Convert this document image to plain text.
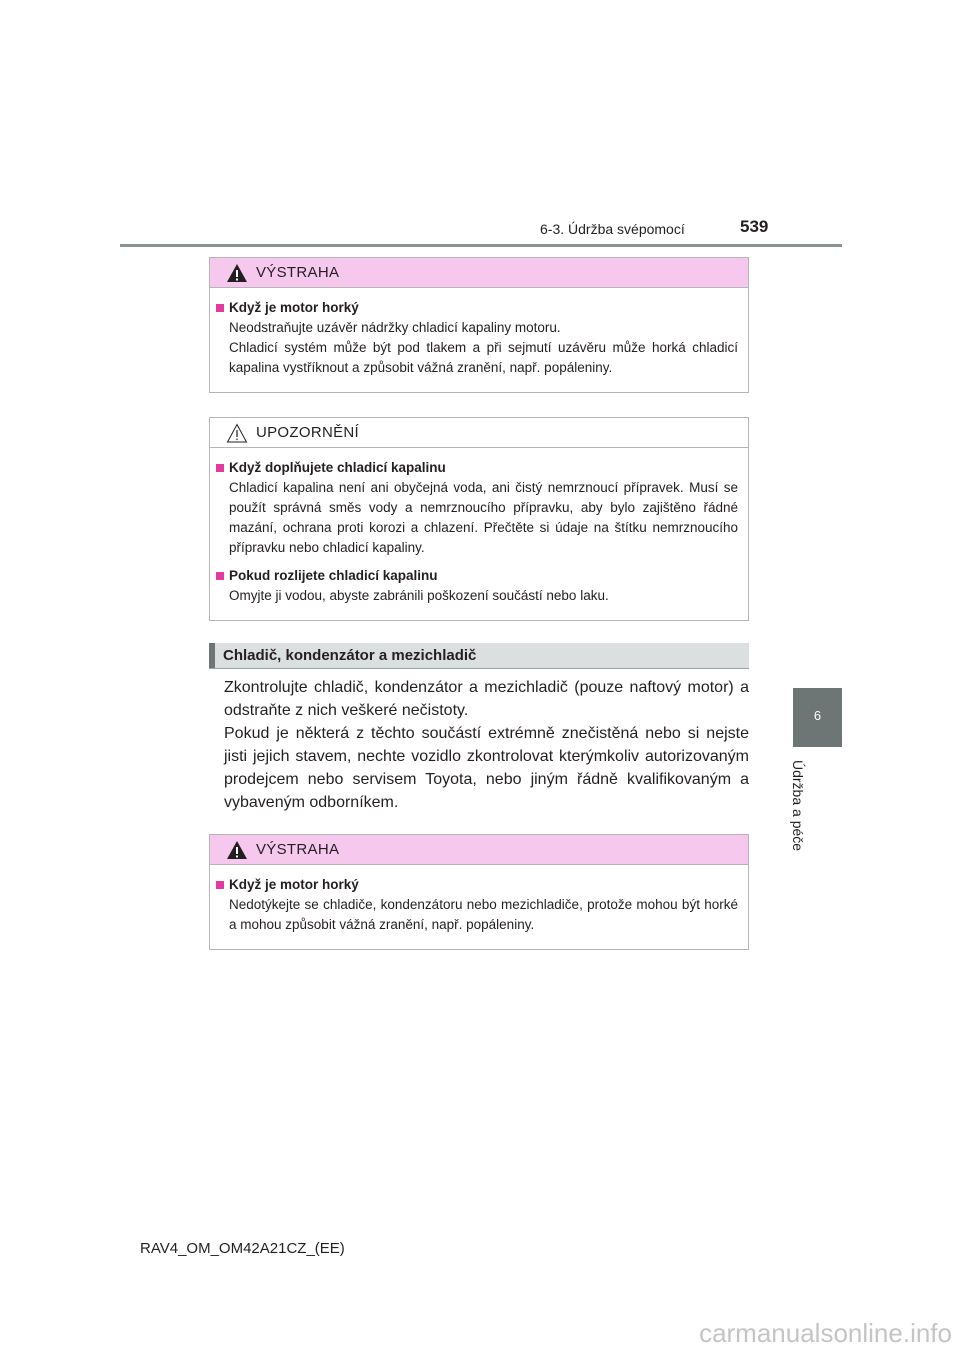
6-3. Údržba svépomocí	539
6
Údržba a péče
VÝSTRAHA
Když je motor horký
Neodstraňujte uzávěr nádržky chladicí kapaliny motoru.
Chladicí systém může být pod tlakem a při sejmutí uzávěru může horká chladicí kapalina vystříknout a způsobit vážná zranění, např. popáleniny.
UPOZORNĚNÍ
Když doplňujete chladicí kapalinu
Chladicí kapalina není ani obyčejná voda, ani čistý nemrznoucí přípravek. Musí se použít správná směs vody a nemrznoucího přípravku, aby bylo zajištěno řádné mazání, ochrana proti korozi a chlazení. Přečtěte si údaje na štítku nemrznoucího přípravku nebo chladicí kapaliny.
Pokud rozlijete chladicí kapalinu
Omyjte ji vodou, abyste zabránili poškození součástí nebo laku.
Chladič, kondenzátor a mezichladič
Zkontrolujte chladič, kondenzátor a mezichladič (pouze naftový motor) a odstraňte z nich veškeré nečistoty.
Pokud je některá z těchto součástí extrémně znečistěná nebo si nejste jisti jejich stavem, nechte vozidlo zkontrolovat kterýmkoliv autorizovaným prodejcem nebo servisem Toyota, nebo jiným řádně kvalifikovaným a vybaveným odborníkem.
VÝSTRAHA
Když je motor horký
Nedotýkejte se chladiče, kondenzátoru nebo mezichladiče, protože mohou být horké a mohou způsobit vážná zranění, např. popáleniny.
RAV4_OM_OM42A21CZ_(EE)
carmanualsonline.info
